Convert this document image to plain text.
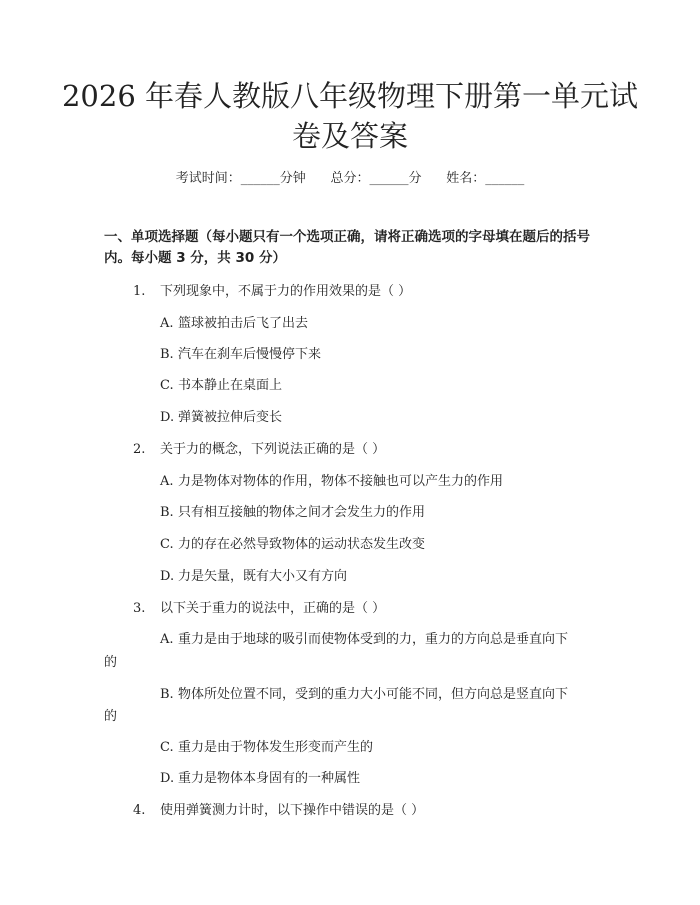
2026 年春人教版八年级物理下册第一单元试卷及答案
考试时间：______分钟      总分：______分      姓名：______
一、单项选择题（每小题只有一个选项正确，请将正确选项的字母填在题后的括号内。每小题 3 分，共 30 分）
1. 下列现象中，不属于力的作用效果的是（ ）
A. 篮球被拍击后飞了出去
B. 汽车在刹车后慢慢停下来
C. 书本静止在桌面上
D. 弹簧被拉伸后变长
2. 关于力的概念，下列说法正确的是（ ）
A. 力是物体对物体的作用，物体不接触也可以产生力的作用
B. 只有相互接触的物体之间才会发生力的作用
C. 力的存在必然导致物体的运动状态发生改变
D. 力是矢量，既有大小又有方向
3. 以下关于重力的说法中，正确的是（ ）
A. 重力是由于地球的吸引而使物体受到的力，重力的方向总是垂直向下
的
B. 物体所处位置不同，受到的重力大小可能不同，但方向总是竖直向下
的
C. 重力是由于物体发生形变而产生的
D. 重力是物体本身固有的一种属性
4. 使用弹簧测力计时，以下操作中错误的是（ ）
